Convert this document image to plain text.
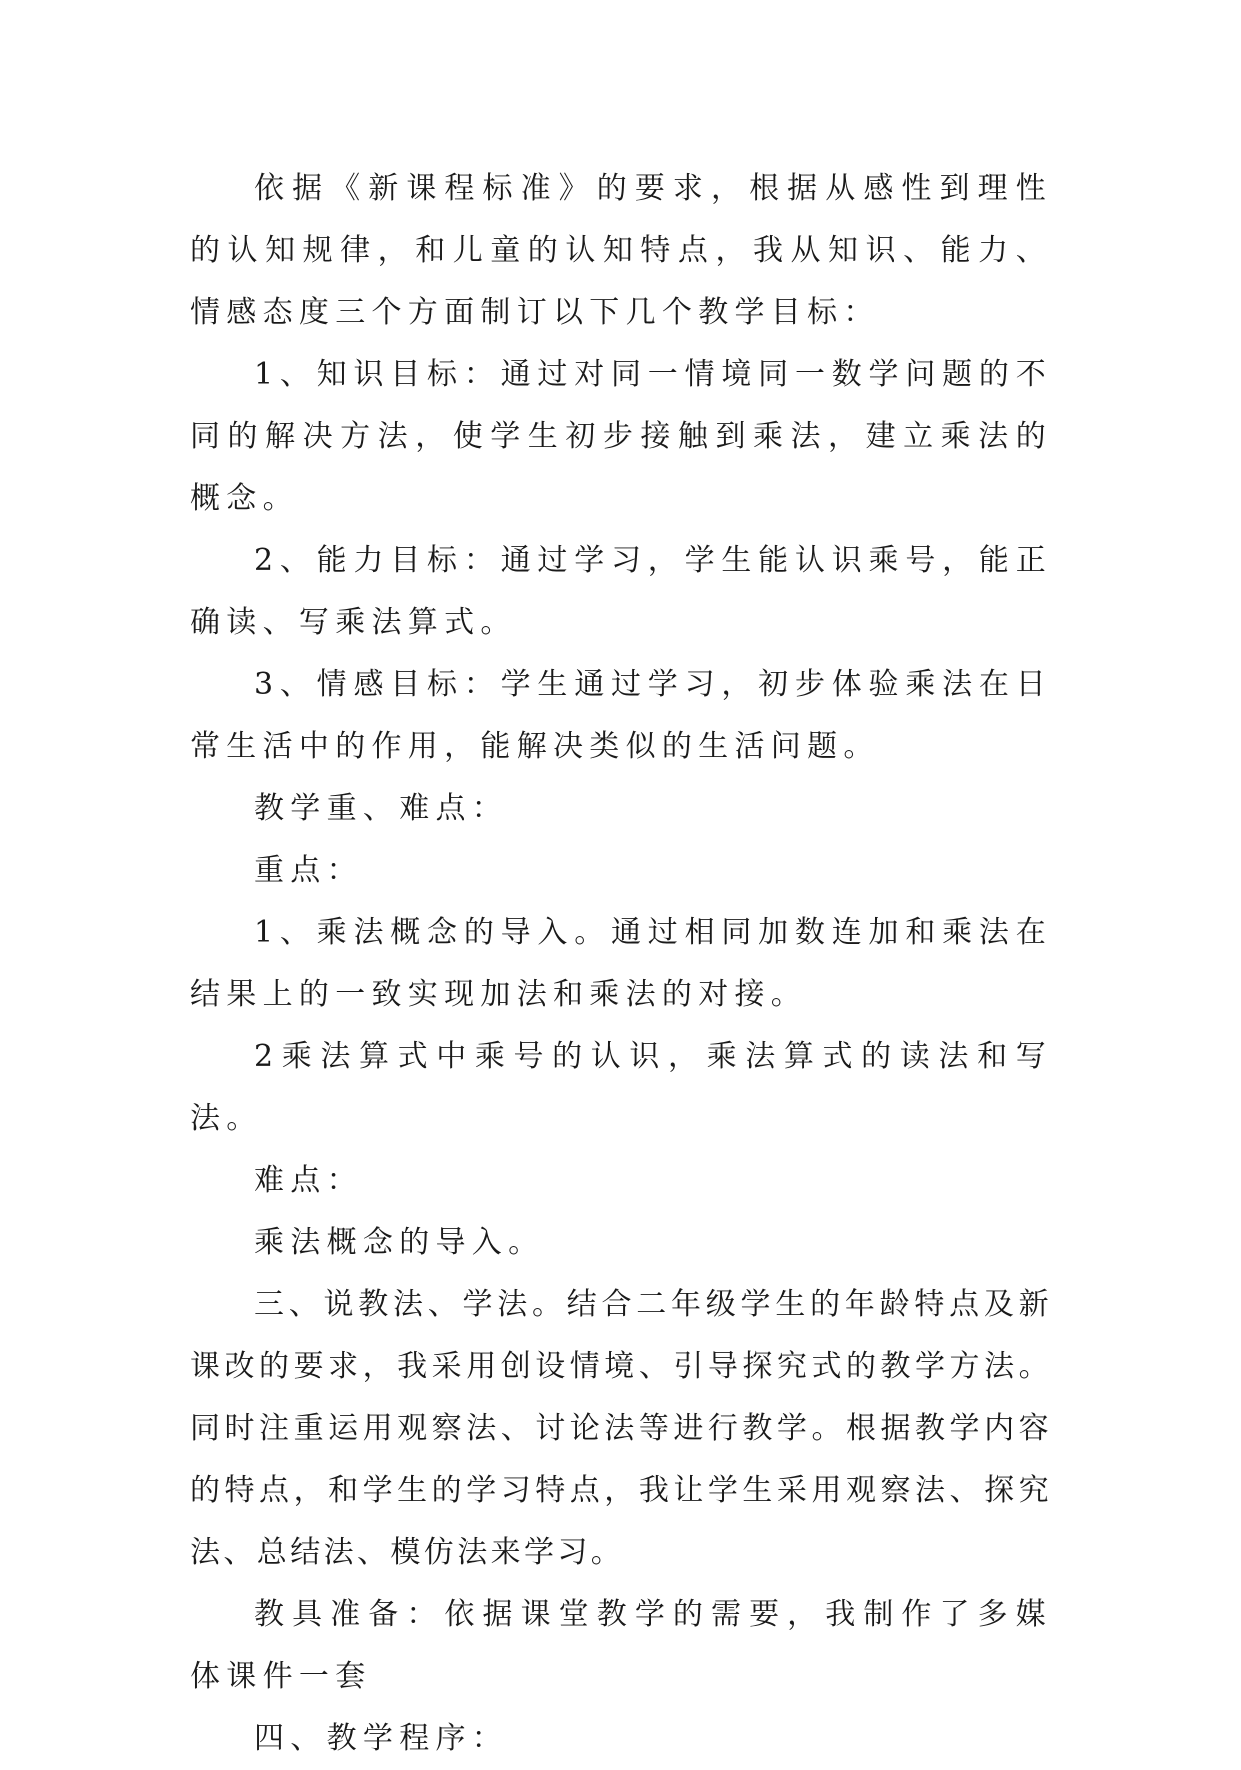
依据《新课程标准》的要求，根据从感性到理性的认知规律，和儿童的认知特点，我从知识、能力、情感态度三个方面制订以下几个教学目标：

1、知识目标：通过对同一情境同一数学问题的不同的解决方法，使学生初步接触到乘法，建立乘法的概念。

2、能力目标：通过学习，学生能认识乘号，能正确读、写乘法算式。

3、情感目标：学生通过学习，初步体验乘法在日常生活中的作用，能解决类似的生活问题。

教学重、难点：

重点：

1、乘法概念的导入。通过相同加数连加和乘法在结果上的一致实现加法和乘法的对接。

2乘法算式中乘号的认识，乘法算式的读法和写法。

难点：

乘法概念的导入。

三、说教法、学法。结合二年级学生的年龄特点及新课改的要求，我采用创设情境、引导探究式的教学方法。同时注重运用观察法、讨论法等进行教学。根据教学内容的特点，和学生的学习特点，我让学生采用观察法、探究法、总结法、模仿法来学习。

教具准备：依据课堂教学的需要，我制作了多媒体课件一套

四、教学程序：
